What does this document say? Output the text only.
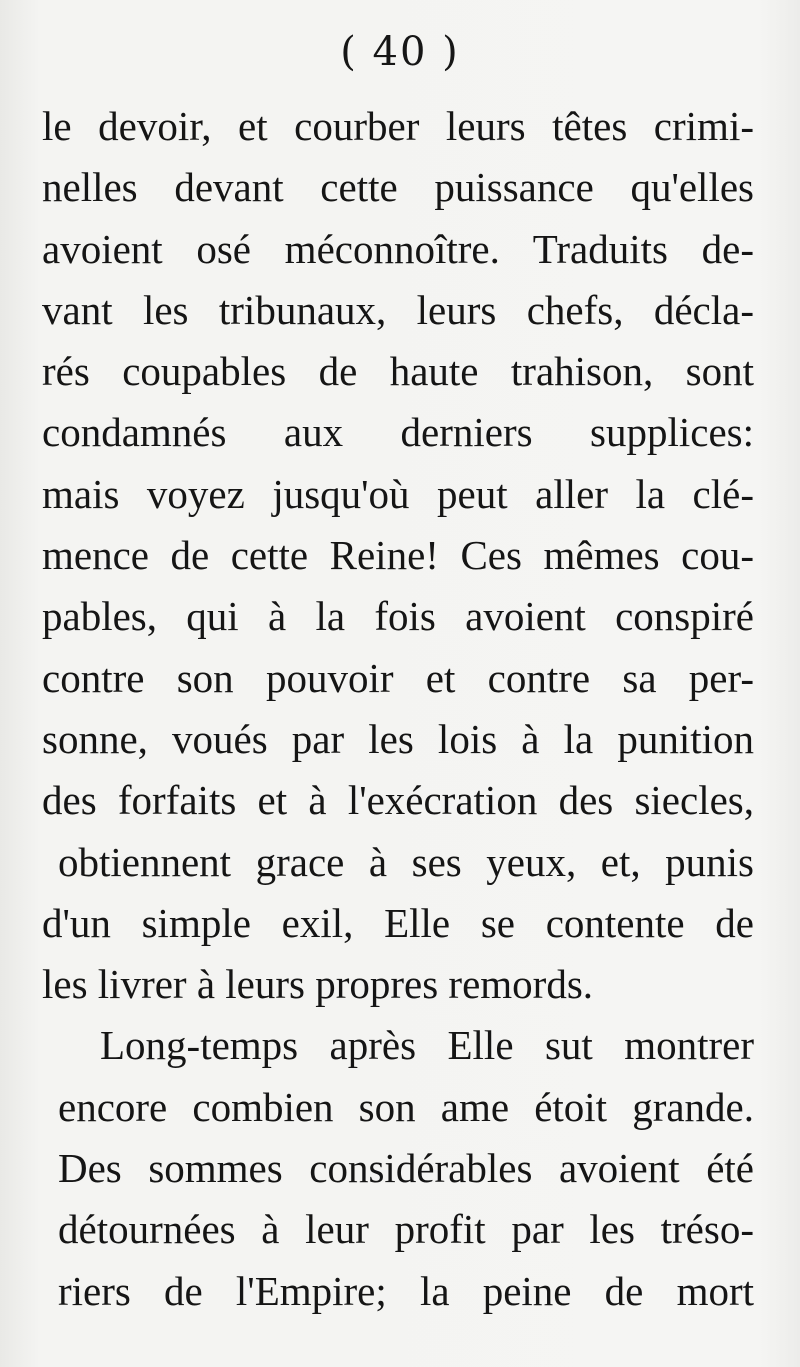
( 40 )
le devoir, et courber leurs têtes crimi-
nelles devant cette puissance qu'elles
avoient osé méconnoître. Traduits de-
vant les tribunaux, leurs chefs, décla-
rés coupables de haute trahison, sont
condamnés aux derniers supplices:
mais voyez jusqu'où peut aller la clé-
mence de cette Reine! Ces mêmes cou-
pables, qui à la fois avoient conspiré
contre son pouvoir et contre sa per-
sonne, voués par les lois à la punition
des forfaits et à l'exécration des siecles,
obtiennent grace à ses yeux, et, punis
d'un simple exil, Elle se contente de
les livrer à leurs propres remords.
Long-temps après Elle sut montrer
encore combien son ame étoit grande.
Des sommes considérables avoient été
détournées à leur profit par les tréso-
riers de l'Empire; la peine de mort
